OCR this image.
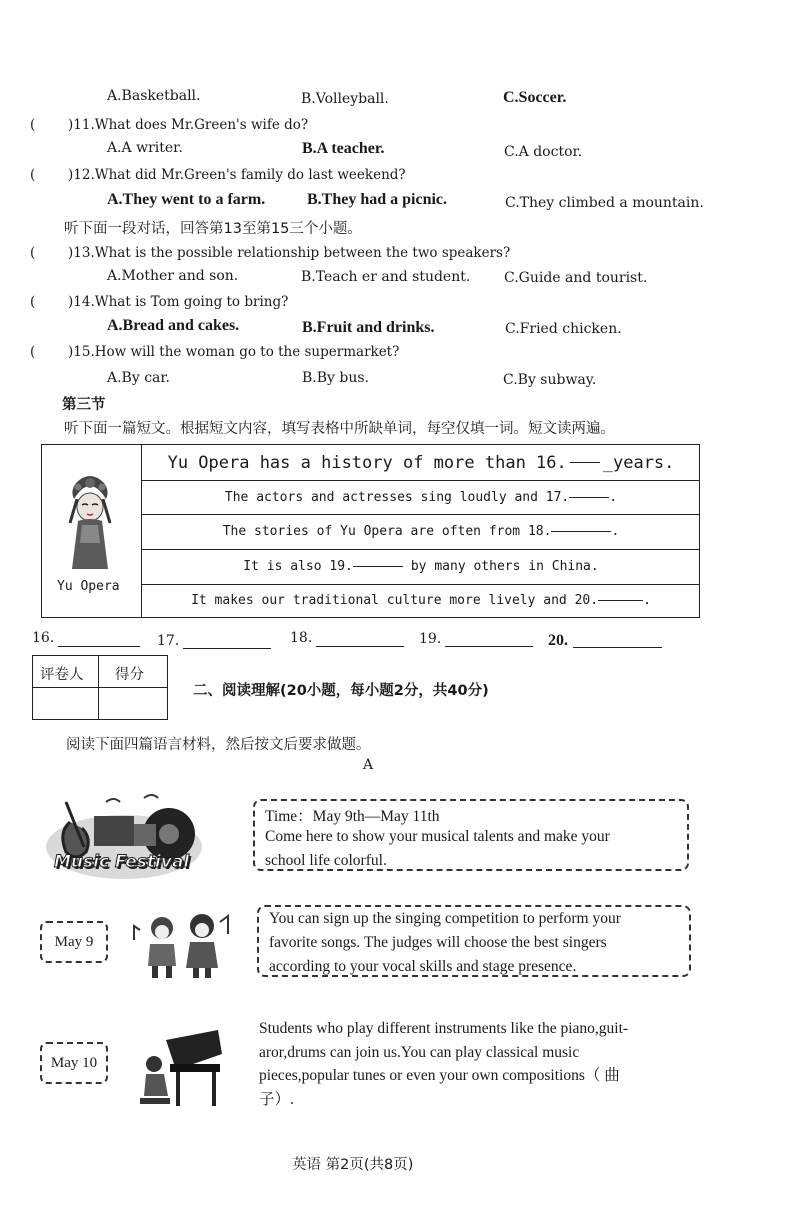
A.Basketball.	B.Volleyball.	C.Soccer.
( )11.What does Mr.Green's wife do?
A.A writer.	B.A teacher.	C.A doctor.
( )12.What did Mr.Green's family do last weekend?
A.They went to a farm.	B.They had a picnic.	C.They climbed a mountain.
听下面一段对话，回答第13至第15三个小题。
( )13.What is the possible relationship between the two speakers?
A.Mother and son.	B.Teach er and student. C.Guide and tourist.
( )14.What is Tom going to bring?
A.Bread and cakes.	B.Fruit and drinks.	C.Fried chicken.
( )15.How will the woman go to the supermarket?
A.By car.	B.By bus.	C.By subway.
第三节
听下面一篇短文。根据短文内容，填写表格中所缺单词，每空仅填一词。短文读两遍。
Yu Opera
Yu Opera has a history of more than 16. _years.
The actors and actresses sing loudly and 17.	.
The stories of Yu Opera are often from 18.	.
It is also 19.	by many others in China.
It makes our traditional culture more lively and 20.	.
16.	17.	18.	19.	20.
评卷人 得分
二、阅读理解(20小题，每小题2分，共40分)
阅读下面四篇语言材料，然后按文后要求做题。
A
Music Festival
Time：May 9th—May 11th
Come here to show your musical talents and make your
school life colorful.
May 9
You can sign up the singing competition to perform your
favorite songs. The judges will choose the best singers
according to your vocal skills and stage presence.
May 10
Students who play different instruments like the piano,guit-
aror,drums can join us.You can play classical music
pieces,popular tunes or even your own compositions（ 曲
子）.
英语 第2页(共8页)
